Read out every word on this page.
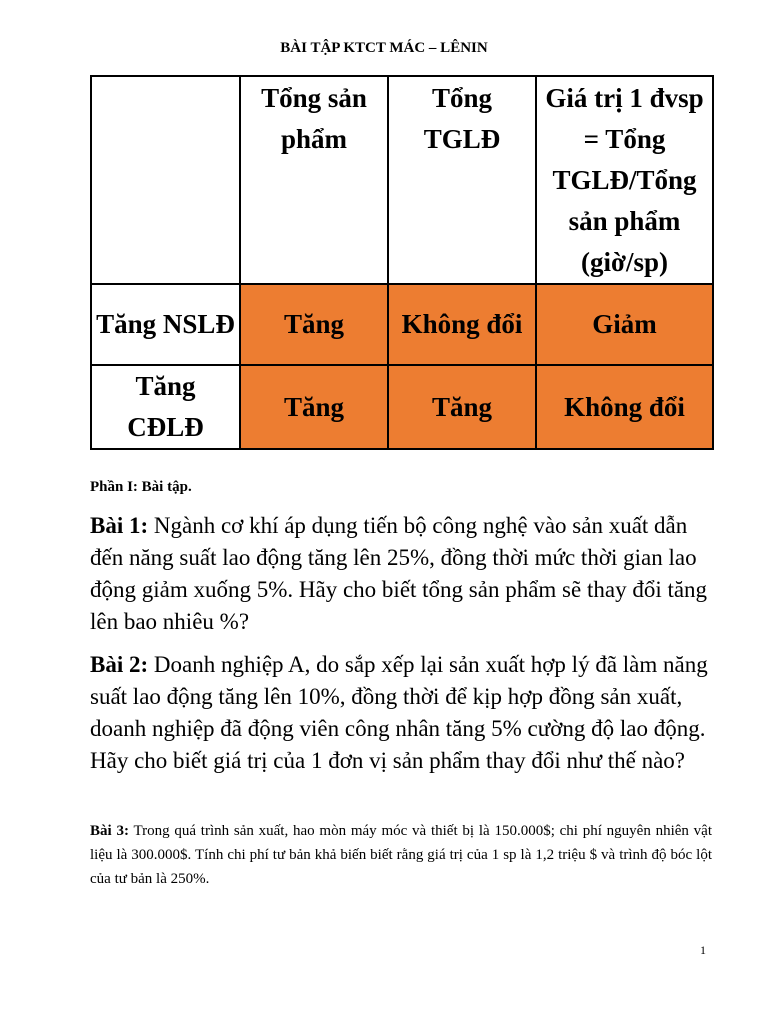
BÀI TẬP KTCT MÁC – LÊNIN
	Tổng sản phẩm	Tổng TGLĐ	Giá trị 1 đvsp = Tổng TGLĐ/Tổng sản phẩm (giờ/sp)
Tăng NSLĐ	Tăng	Không đổi	Giảm
Tăng CĐLĐ	Tăng	Tăng	Không đổi
Phần I: Bài tập.
Bài 1: Ngành cơ khí áp dụng tiến bộ công nghệ vào sản xuất dẫn đến năng suất lao động tăng lên 25%, đồng thời mức thời gian lao động giảm xuống 5%. Hãy cho biết tổng sản phẩm sẽ thay đổi tăng lên bao nhiêu %?
Bài 2: Doanh nghiệp A, do sắp xếp lại sản xuất hợp lý đã làm năng suất lao động tăng lên 10%, đồng thời để kịp hợp đồng sản xuất, doanh nghiệp đã động viên công nhân tăng 5% cường độ lao động. Hãy cho biết giá trị của 1 đơn vị sản phẩm thay đổi như thế nào?
Bài 3: Trong quá trình sản xuất, hao mòn máy móc và thiết bị là 150.000$; chi phí nguyên nhiên vật liệu là 300.000$. Tính chi phí tư bản khả biến biết rằng giá trị của 1 sp là 1,2 triệu $ và trình độ bóc lột của tư bản là 250%.
1
